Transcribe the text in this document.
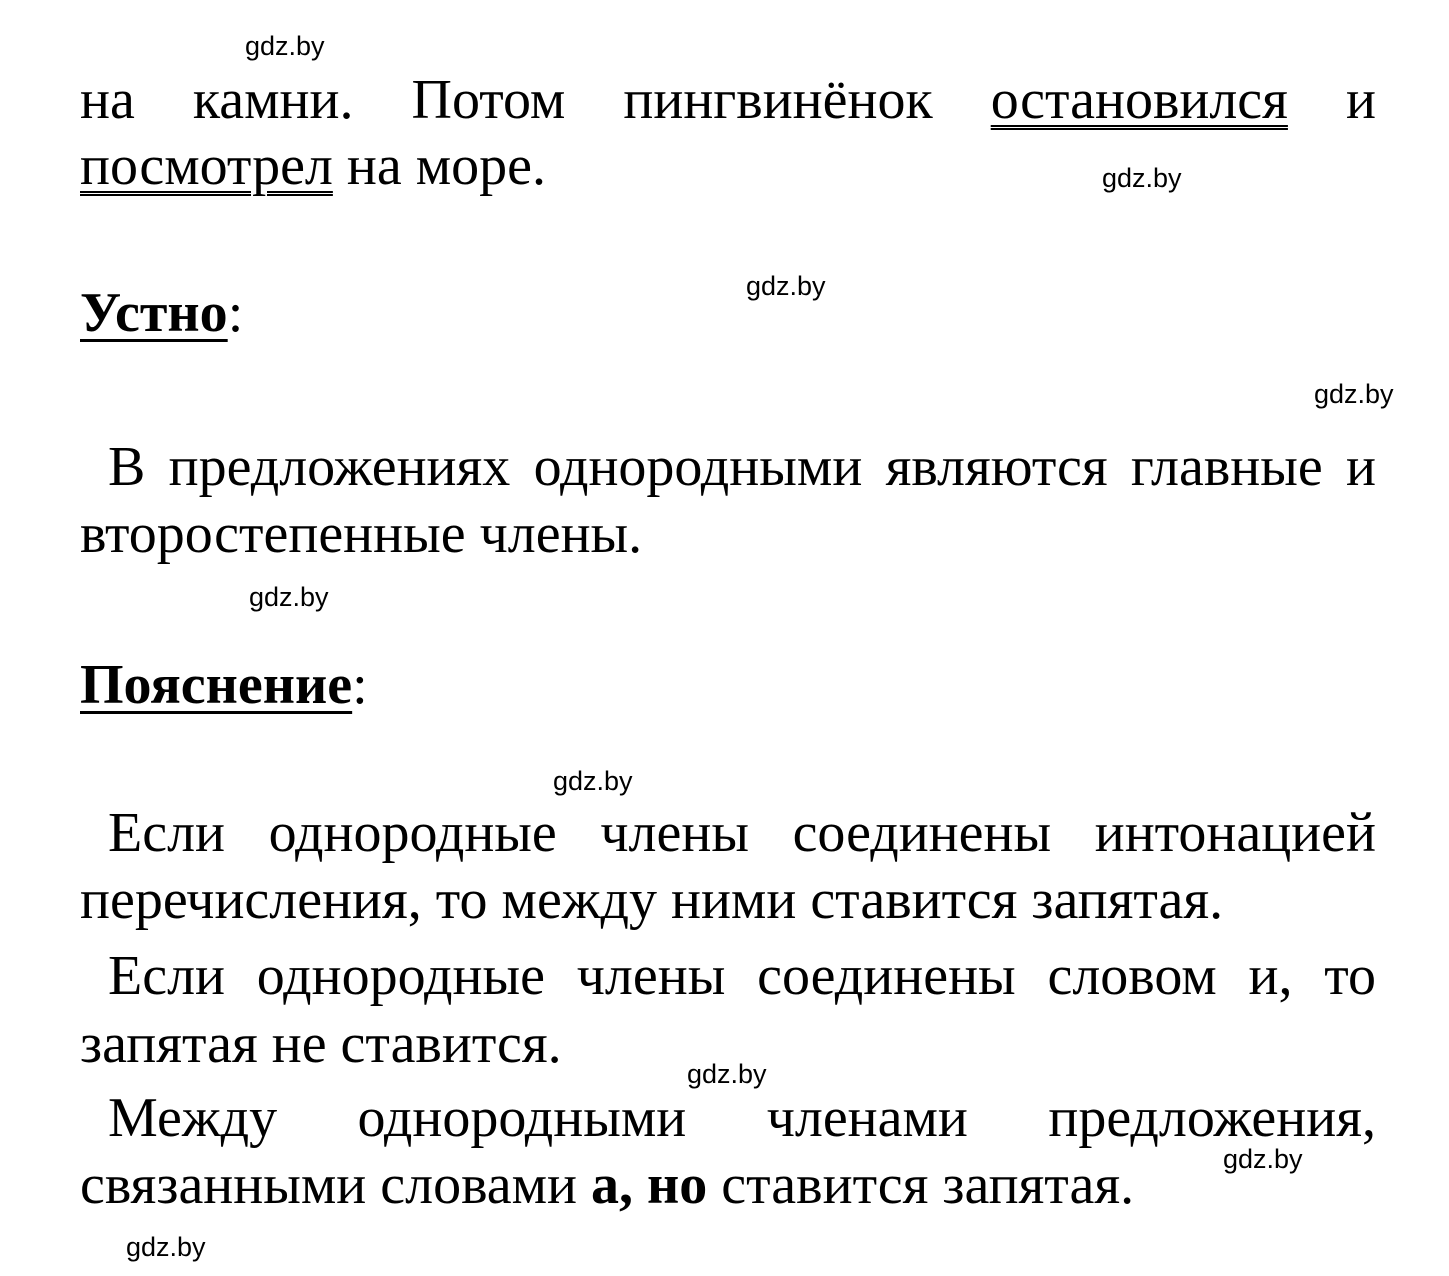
gdz.by
gdz.by
gdz.by
gdz.by
gdz.by
gdz.by
gdz.by
gdz.by
gdz.by
на камни. Потом пингвинёнок остановился и
посмотрел на море.
Устно:
В предложениях однородными являются главные и
второстепенные члены.
Пояснение:
Если однородные члены соединены интонацией
перечисления, то между ними ставится запятая.
Если однородные члены соединены словом и, то
запятая не ставится.
Между однородными членами предложения,
связанными словами а, но ставится запятая.
